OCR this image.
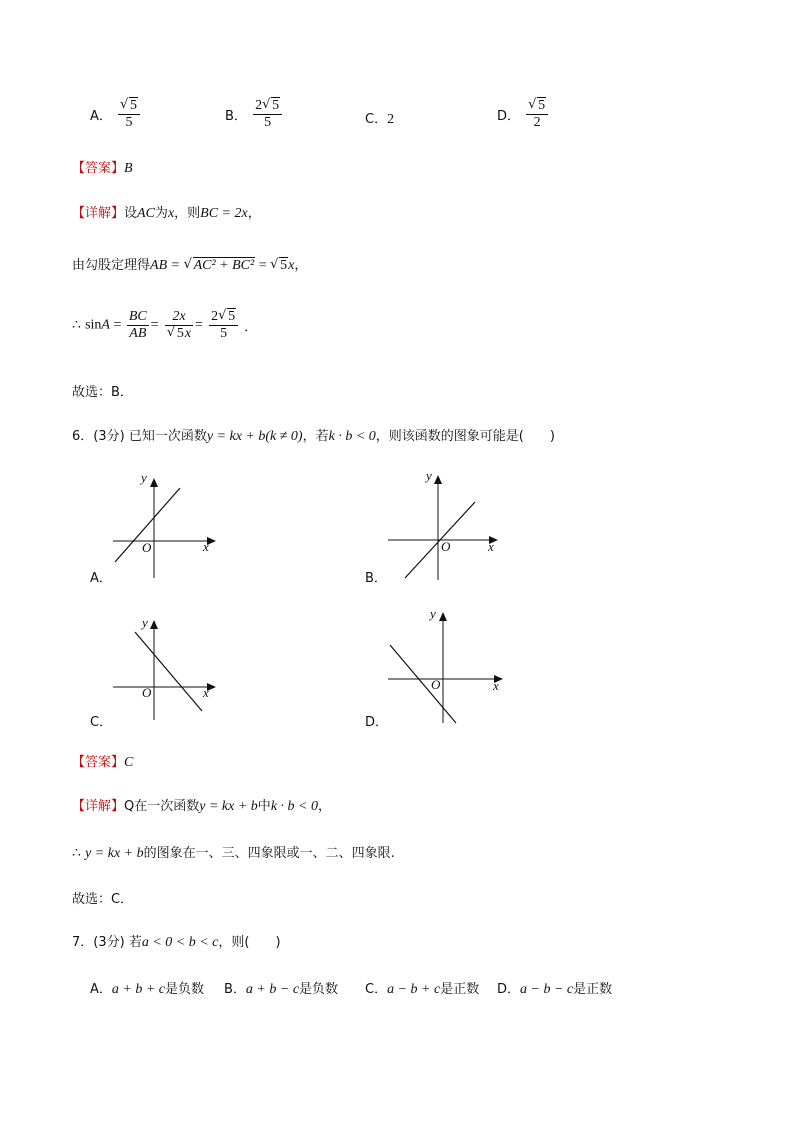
A． √ $\frac{5}{5}$	B． $\frac{2 √ 5}{5}$	C．2	D． √ $\frac{5}{2}$
【答案】B
【详解】设AC为x，则BC = 2x，
由勾股定理得AB = √ AC² + BC² = √ 5x，
∴ $\sin A = \frac{BC}{AB} = 2x$
√ $5x = \frac{2 √ 5}{5}$ ．
故选：B．
6．(3分) 已知一次函数y = kx + b(k ≠ 0)，若k · b < 0，则该函数的图象可能是(　　)
y
x
O
A．
y
x
O
B．
y
x
O
C．
y
x
O
D．
【答案】C
【详解】Q在一次函数y = kx + b中k · b < 0，
∴ y = kx + b的图象在一、三、四象限或一、二、四象限.
故选：C．
7．(3分) 若a < 0 < b < c，则(　　)
A．a + b + c是负数 B．a + b − c是负数 C．a − b + c是正数 D．a − b − c是正数
